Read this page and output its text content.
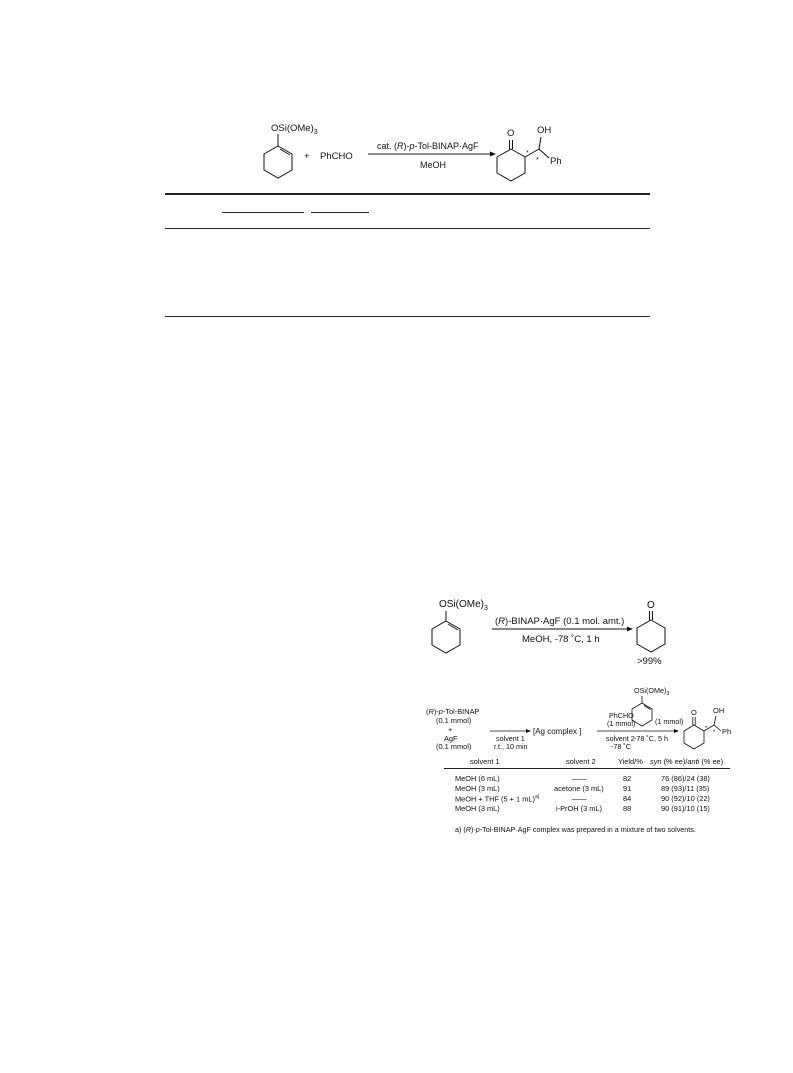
$OSi(OMe)_3$
+ PhCHO
cat. (R)-p-Tol-BINAP·AgF
MeOH
O OH
Ph
*
*
$OSi(OMe)_3$
(R)-BINAP·AgF (0.1 mol. amt.)
MeOH, -78 ˚C, 1 h
O
>99%
(R)-p-Tol-BINAP
(0.1 mmol)
+
AgF
(0.1 mmol)
solvent 1
r.t., 10 min
[Ag complex ]
PhCHO
(1 mmol)
solvent 2
-78 ˚C
$OSi(OMe)_3$
(1 mmol)
-78 ˚C, 5 h
O OH
Ph
*
*
solvent 1	solvent 2	Yield/% syn (% ee)/anti (% ee)
MeOH (6 mL)	——	82	76 (86)/24 (38)
MeOH (3 mL)	acetone (3 mL)	91	89 (93)/11 (35)
MeOH + THF (5 + 1 mL)$^{a)}$	——	84	90 (92)/10 (22)
MeOH (3 mL)	i-PrOH (3 mL)	88	90 (91)/10 (15)
a) (R)-p-Tol-BINAP·AgF complex was prepared in a mixture of two solvents.
